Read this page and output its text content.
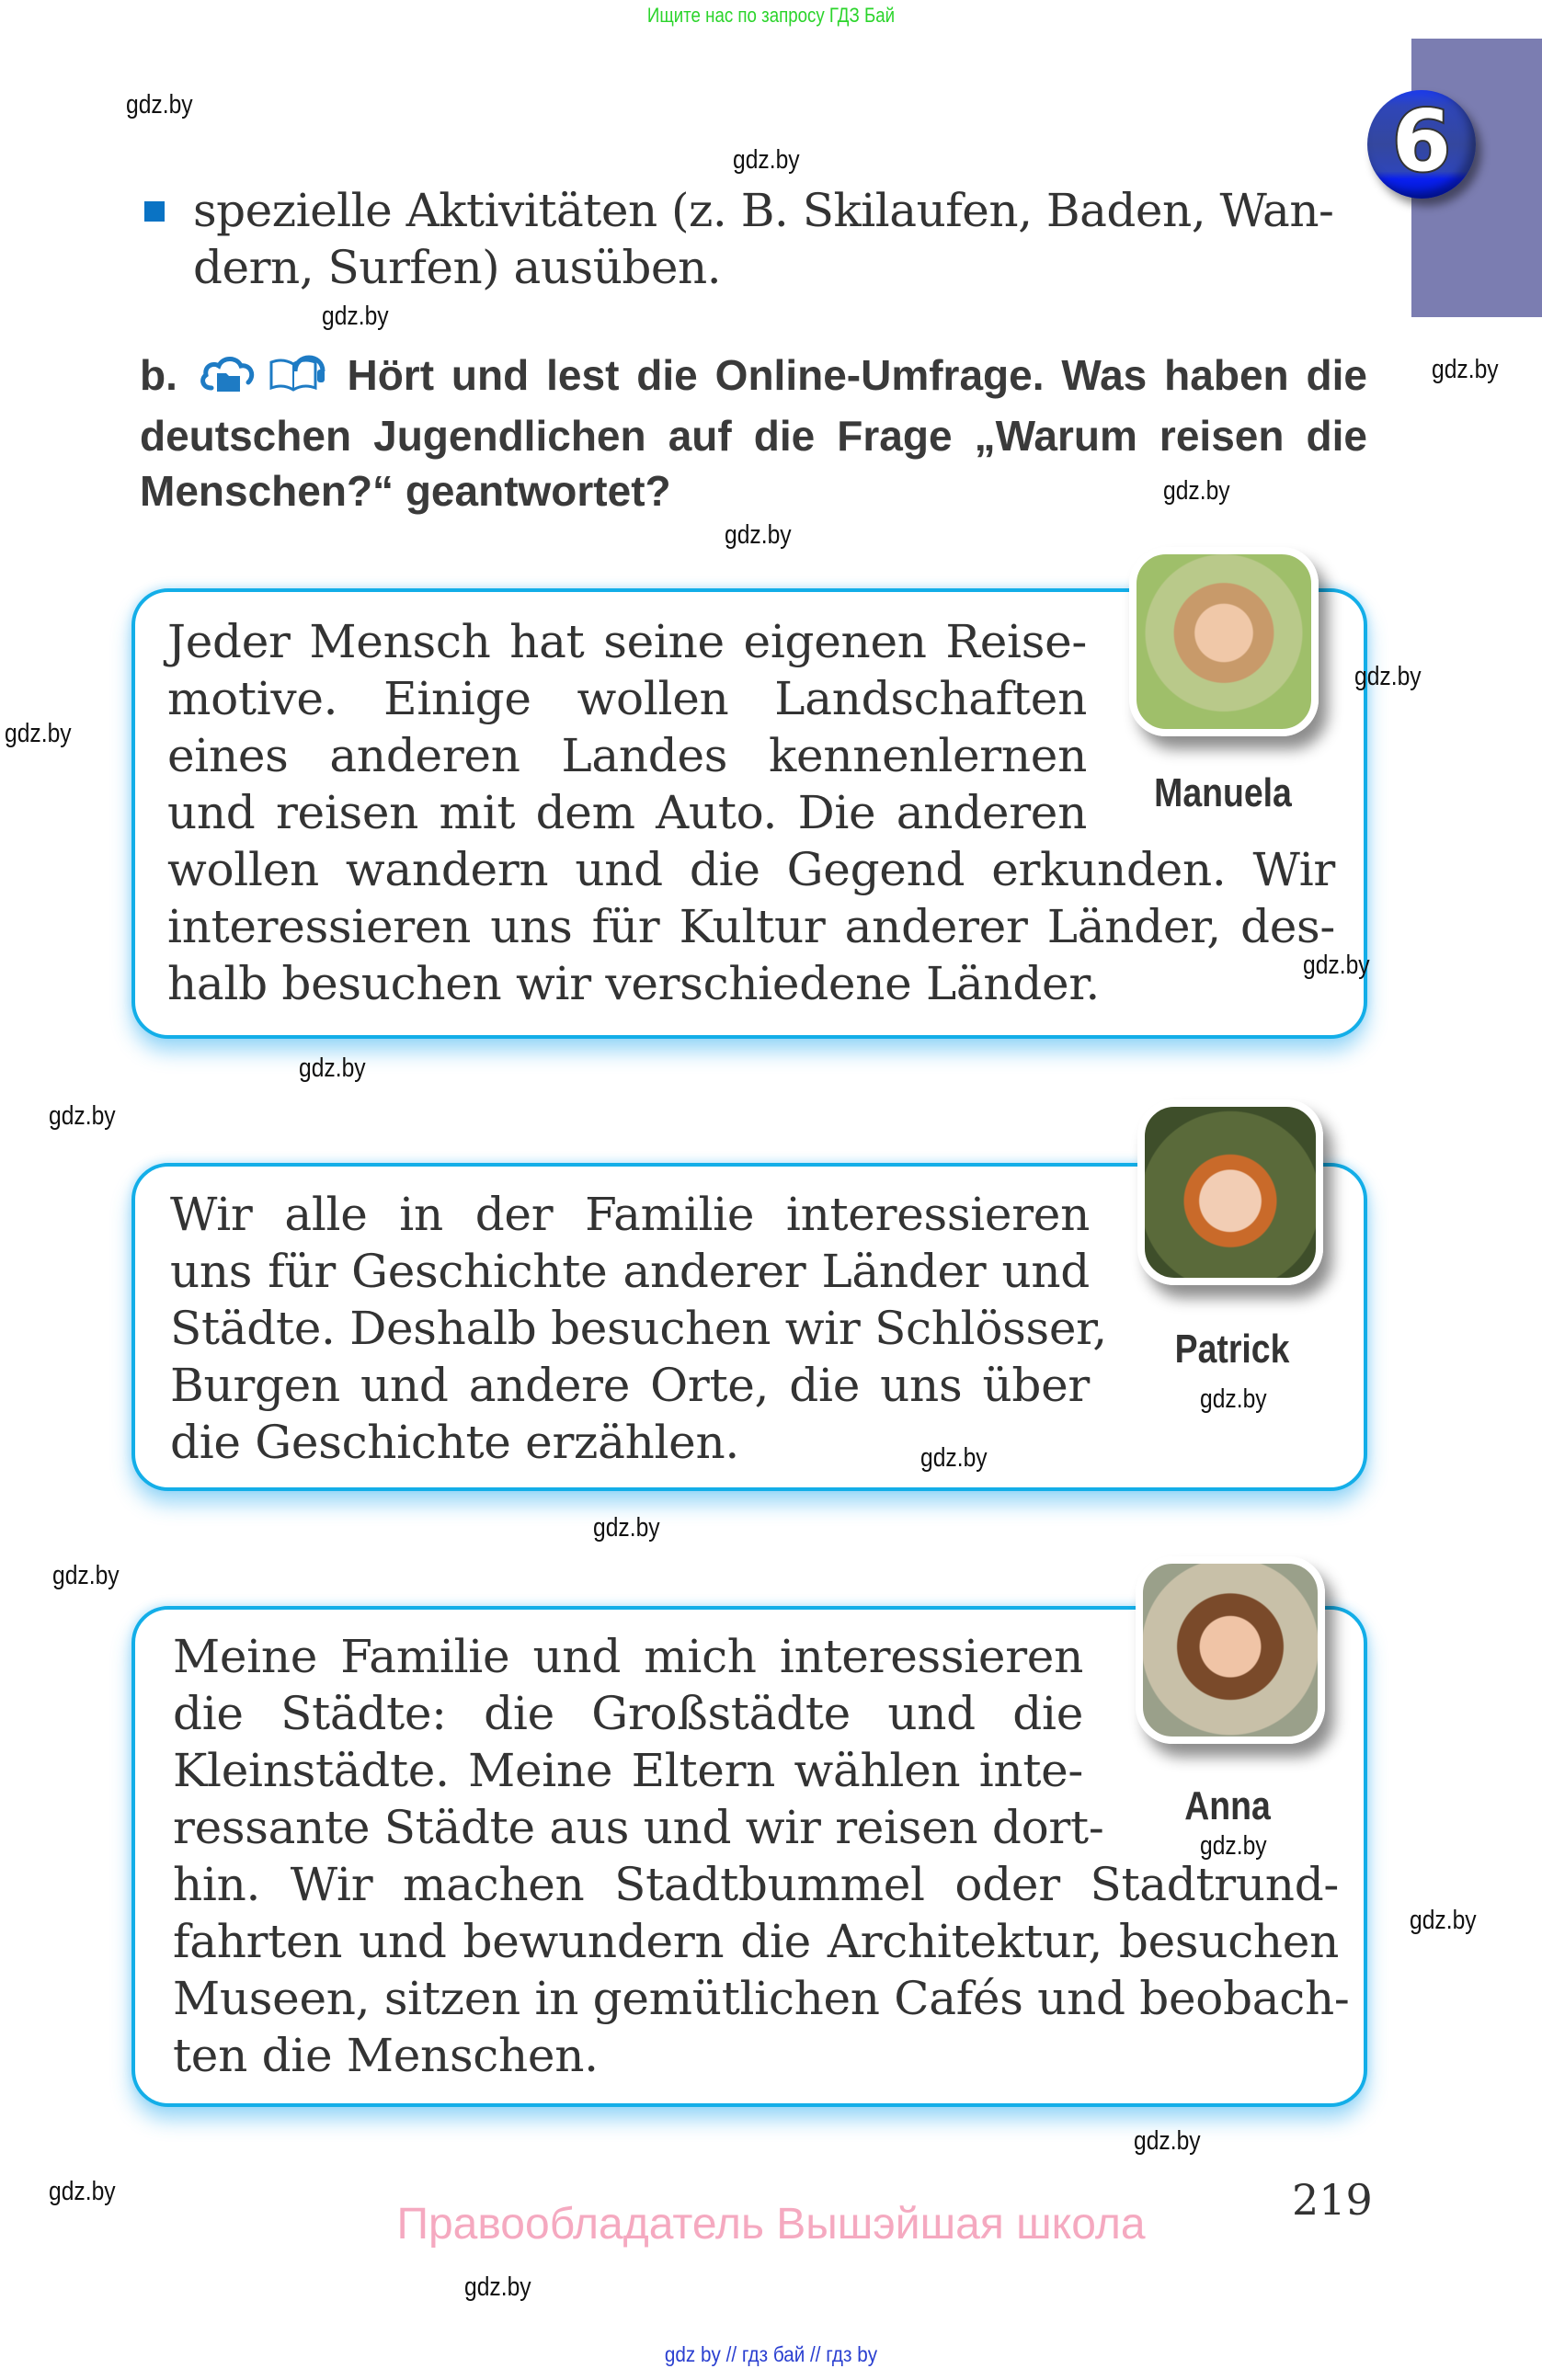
Ищите нас по запросу ГДЗ Бай
6
spezielle Aktivitäten (z. B. Skilaufen, Baden, Wan-
dern, Surfen) ausüben.
b.	Hört und lest die Online-Umfrage. Was haben die deutschen Jugendlichen auf die Frage „Warum reisen die Menschen?“ geantwortet?
Jeder Mensch hat seine eigenen Reise-
motive. Einige wollen Landschaften
eines anderen Landes kennenlernen
und reisen mit dem Auto. Die anderen
wollen wandern und die Gegend erkunden. Wir
interessieren uns für Kultur anderer Länder, des-
halb besuchen wir verschiedene Länder.
Manuela
Wir alle in der Familie interessieren
uns für Geschichte anderer Länder und
Städte. Deshalb besuchen wir Schlösser,
Burgen und andere Orte, die uns über
die Geschichte erzählen.
Patrick
Meine Familie und mich interessieren
die Städte: die Großstädte und die
Kleinstädte. Meine Eltern wählen inte-
ressante Städte aus und wir reisen dort-
hin. Wir machen Stadtbummel oder Stadtrund-
fahrten und bewundern die Architektur, besuchen
Museen, sitzen in gemütlichen Cafés und beobach-
ten die Menschen.
Anna
gdz.by
gdz.by
gdz.by
gdz.by
gdz.by
gdz.by
gdz.by
gdz.by
gdz.by
gdz.by
gdz.by
gdz.by
gdz.by
gdz.by
gdz.by
gdz.by
gdz.by
gdz.by
gdz.by
gdz.by
219
Правообладатель Вышэйшая школа
gdz by // гдз бай // гдз by
